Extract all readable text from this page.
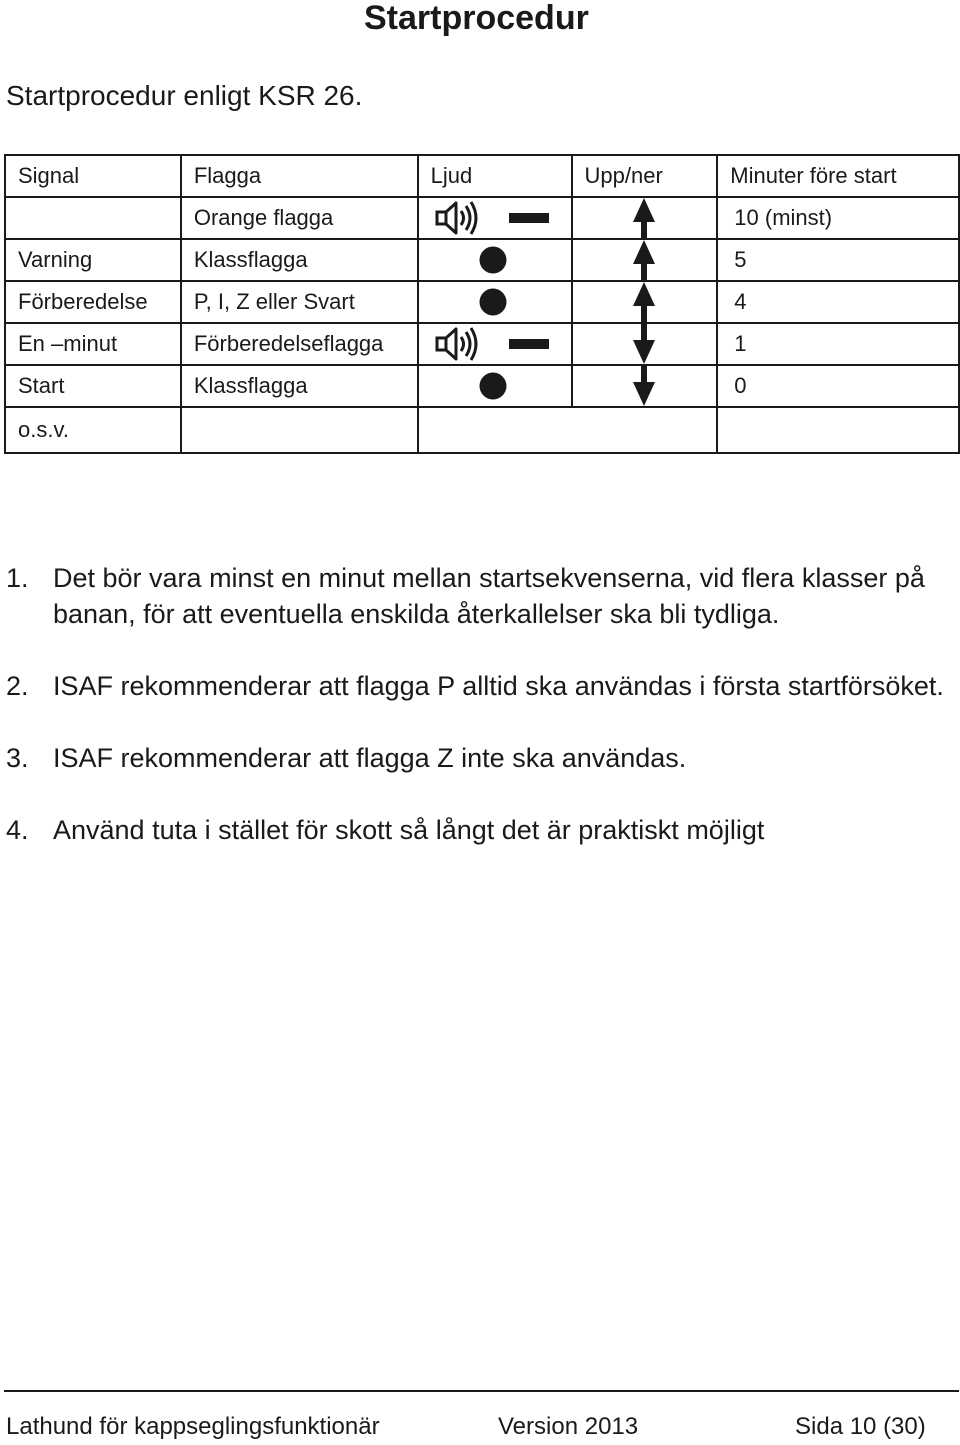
Startprocedur
Startprocedur enligt KSR 26.
Signal	Flagga	Ljud	Upp/ner	Minuter före start
	Orange flagga			10 (minst)
Varning	Klassflagga			5
Förberedelse	P, I, Z eller Svart			4
En –minut	Förberedelseflagga			1
Start	Klassflagga			0
o.s.v.		

1. Det bör vara minst en minut mellan startsekvenserna, vid flera klasser på banan, för att eventuella enskilda återkallelser ska bli tydliga.
2. ISAF rekommenderar att flagga P alltid ska användas i första startförsöket.
3. ISAF rekommenderar att flagga Z inte ska användas.
4. Använd tuta i stället för skott så långt det är praktiskt möjligt
Lathund för kappseglingsfunktionär	Version 2013	Sida 10 (30)
